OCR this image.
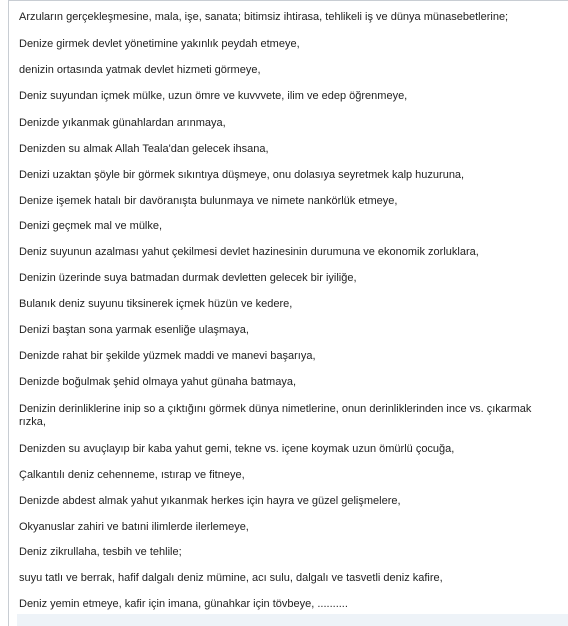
Arzuların gerçekleşmesine, mala, işe, sanata; bitimsiz ihtirasa, tehlikeli iş ve dünya münasebetlerine;
Denize girmek devlet yönetimine yakınlık peydah etmeye,
denizin ortasında yatmak devlet hizmeti görmeye,
Deniz suyundan içmek mülke, uzun ömre ve kuvvvete, ilim ve edep öğrenmeye,
Denizde yıkanmak günahlardan arınmaya,
Denizden su almak Allah Teala'dan gelecek ihsana,
Denizi uzaktan şöyle bir görmek sıkıntıya düşmeye, onu dolasıya seyretmek kalp huzuruna,
Denize işemek hatalı bir davöranışta bulunmaya ve nimete nankörlük etmeye,
Denizi geçmek mal ve mülke,
Deniz suyunun azalması yahut çekilmesi devlet hazinesinin durumuna ve ekonomik zorluklara,
Denizin üzerinde suya batmadan durmak devletten gelecek bir iyiliğe,
Bulanık deniz suyunu tiksinerek içmek hüzün ve kedere,
Denizi baştan sona yarmak esenliğe ulaşmaya,
Denizde rahat bir şekilde yüzmek maddi ve manevi başarıya,
Denizde boğulmak şehid olmaya yahut günaha batmaya,
Denizin derinliklerine inip so a çıktığını görmek dünya nimetlerine, onun derinliklerinden ince vs. çıkarmak rızka,
Denizden su avuçlayıp bir kaba yahut gemi, tekne vs. içene koymak uzun ömürlü çocuğa,
Çalkantılı deniz cehenneme, ıstırap ve fitneye,
Denizde abdest almak yahut yıkanmak herkes için hayra ve güzel gelişmelere,
Okyanuslar zahiri ve batıni ilimlerde ilerlemeye,
Deniz zikrullaha, tesbih ve tehlile;
suyu tatlı ve berrak, hafif dalgalı deniz mümine, acı sulu, dalgalı ve tasvetli deniz kafire,
Deniz yemin etmeye, kafir için imana, günahkar için tövbeye, ..........
